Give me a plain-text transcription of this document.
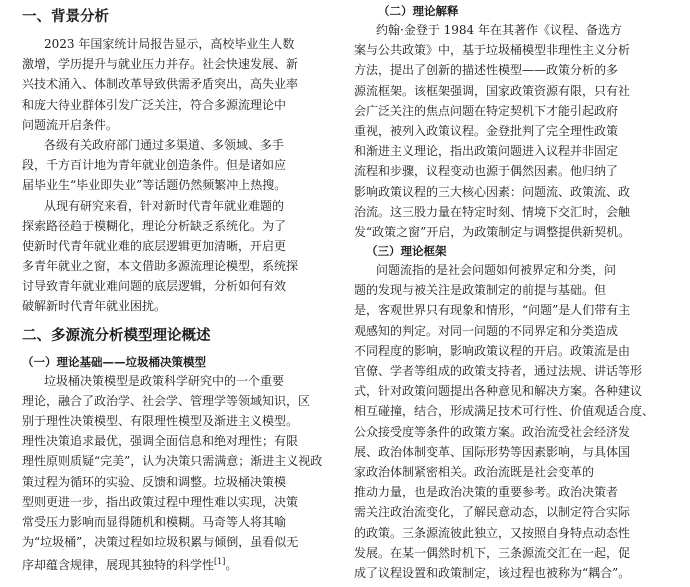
一、背景分析
2023 年国家统计局报告显示，高校毕业生人数
激增，学历提升与就业压力并存。社会快速发展、新
兴技术涌入、体制改革导致供需矛盾突出，高失业率
和庞大待业群体引发广泛关注，符合多源流理论中
问题流开启条件。
各级有关政府部门通过多渠道、多领域、多手
段，千方百计地为青年就业创造条件。但是诸如应
届毕业生“毕业即失业”等话题仍然频繁冲上热搜。
从现有研究来看，针对新时代青年就业难题的
探索路径趋于模糊化，理论分析缺乏系统化。为了
使新时代青年就业难的底层逻辑更加清晰，开启更
多青年就业之窗，本文借助多源流理论模型，系统探
讨导致青年就业难问题的底层逻辑，分析如何有效
破解新时代青年就业困扰。
二、多源流分析模型理论概述
（一）理论基础——垃圾桶决策模型
垃圾桶决策模型是政策科学研究中的一个重要
理论，融合了政治学、社会学、管理学等领域知识，区
别于理性决策模型、有限理性模型及渐进主义模型。
理性决策追求最优，强调全面信息和绝对理性；有限
理性原则质疑“完美”，认为决策只需满意；渐进主义视政
策过程为循环的实验、反馈和调整。垃圾桶决策模
型则更进一步，指出政策过程中理性难以实现，决策
常受压力影响而显得随机和模糊。马奇等人将其喻
为“垃圾桶”，决策过程如垃圾积累与倾倒，虽看似无
序却蕴含规律，展现其独特的科学性[1]。
（二）理论解释
约翰·金登于 1984 年在其著作《议程、备选方
案与公共政策》中，基于垃圾桶模型非理性主义分析
方法，提出了创新的描述性模型——政策分析的多
源流框架。该框架强调，国家政策资源有限，只有社
会广泛关注的焦点问题在特定契机下才能引起政府
重视，被列入政策议程。金登批判了完全理性政策
和渐进主义理论，指出政策问题进入议程并非固定
流程和步骤，议程变动也源于偶然因素。他归纳了
影响政策议程的三大核心因素：问题流、政策流、政
治流。这三股力量在特定时刻、情境下交汇时，会触
发“政策之窗”开启，为政策制定与调整提供新契机。
（三）理论框架
问题流指的是社会问题如何被界定和分类，问
题的发现与被关注是政策制定的前提与基础。但
是，客观世界只有现象和情形，“问题”是人们带有主
观感知的判定。对同一问题的不同界定和分类造成
不同程度的影响，影响政策议程的开启。政策流是由
官僚、学者等组成的政策支持者，通过法规、讲话等形
式，针对政策问题提出各种意见和解决方案。各种建议
相互碰撞，结合，形成满足技术可行性、价值观适合度、
公众接受度等条件的政策方案。政治流受社会经济发
展、政治体制变革、国际形势等因素影响，与具体国
家政治体制紧密相关。政治流既是社会变革的
推动力量，也是政治决策的重要参考。政治决策者
需关注政治流变化，了解民意动态，以制定符合实际
的政策。三条源流彼此独立，又按照自身特点动态性
发展。在某一偶然时机下，三条源流交汇在一起，促
成了议程设置和政策制定，该过程也被称为“耦合”。
